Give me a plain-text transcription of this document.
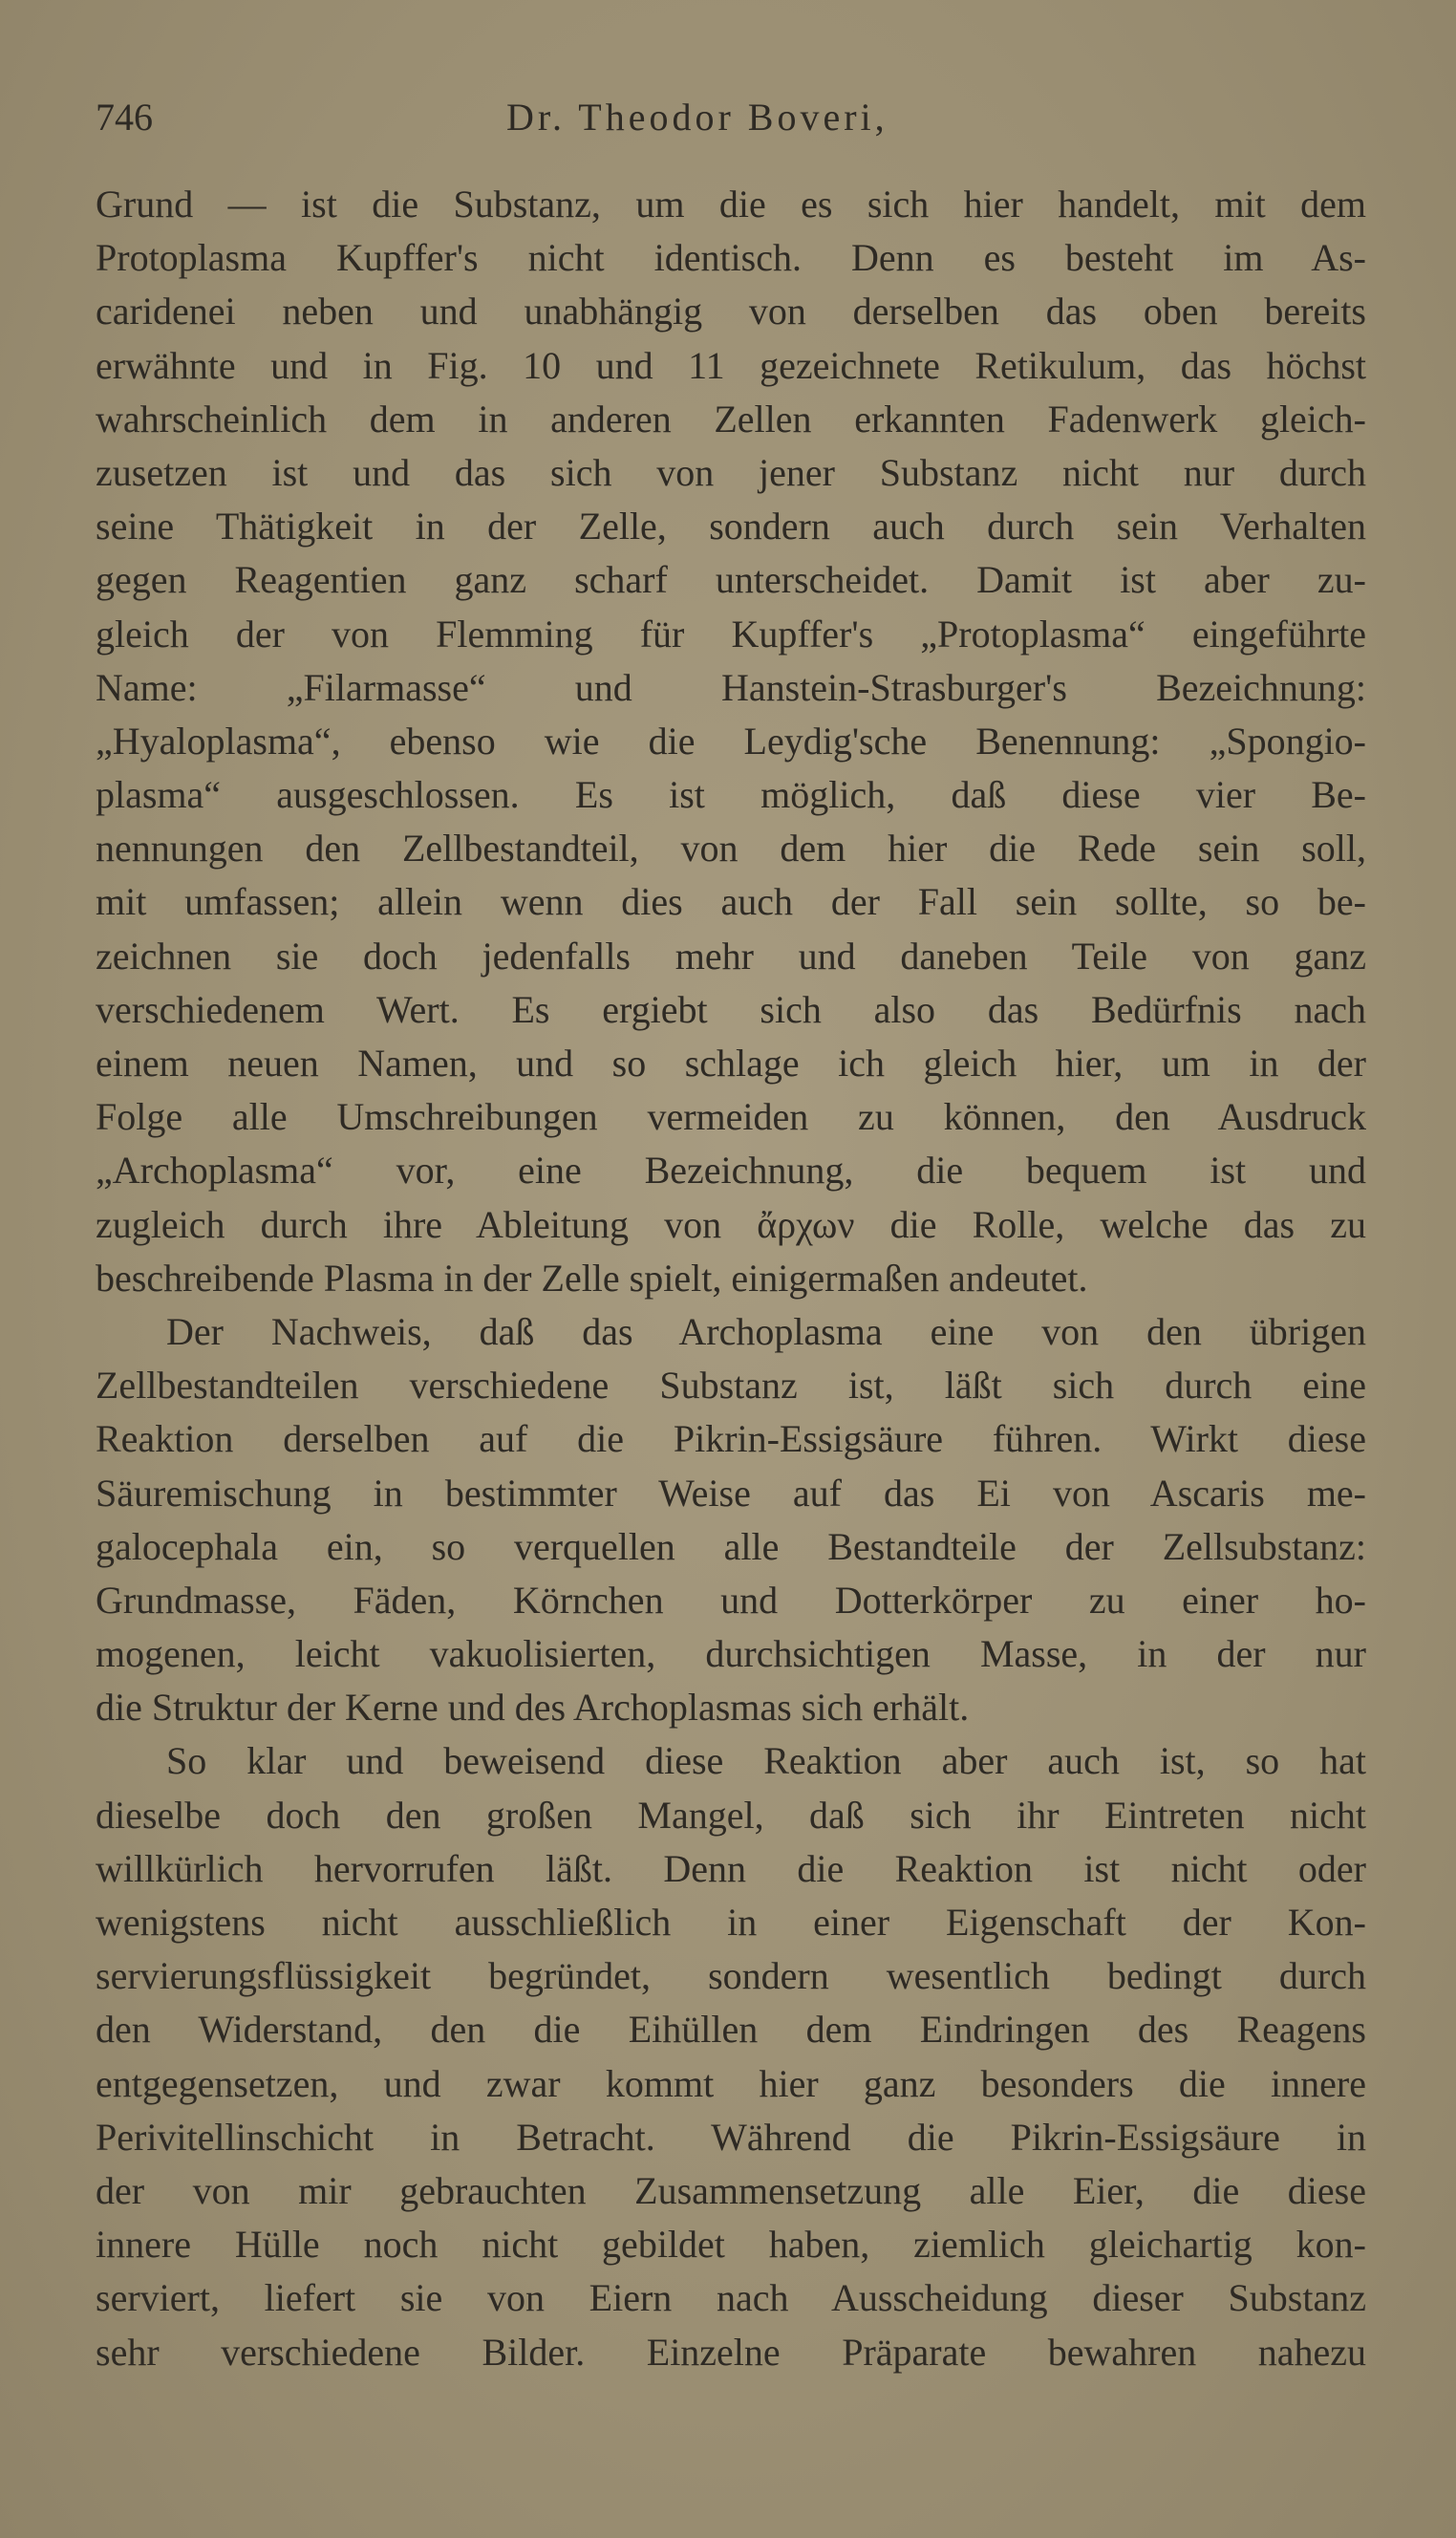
746	Dr. Theodor Boveri,
Grund — ist die Substanz, um die es sich hier handelt, mit dem
Protoplasma Kupffer's nicht identisch. Denn es besteht im As-
caridenei neben und unabhängig von derselben das oben bereits
erwähnte und in Fig. 10 und 11 gezeichnete Retikulum, das höchst
wahrscheinlich dem in anderen Zellen erkannten Fadenwerk gleich-
zusetzen ist und das sich von jener Substanz nicht nur durch
seine Thätigkeit in der Zelle, sondern auch durch sein Verhalten
gegen Reagentien ganz scharf unterscheidet. Damit ist aber zu-
gleich der von Flemming für Kupffer's „Protoplasma“ eingeführte
Name: „Filarmasse“ und Hanstein-Strasburger's Bezeichnung:
„Hyaloplasma“, ebenso wie die Leydig'sche Benennung: „Spongio-
plasma“ ausgeschlossen. Es ist möglich, daß diese vier Be-
nennungen den Zellbestandteil, von dem hier die Rede sein soll,
mit umfassen; allein wenn dies auch der Fall sein sollte, so be-
zeichnen sie doch jedenfalls mehr und daneben Teile von ganz
verschiedenem Wert. Es ergiebt sich also das Bedürfnis nach
einem neuen Namen, und so schlage ich gleich hier, um in der
Folge alle Umschreibungen vermeiden zu können, den Ausdruck
„Archoplasma“ vor, eine Bezeichnung, die bequem ist und
zugleich durch ihre Ableitung von ἄρχων die Rolle, welche das zu
beschreibende Plasma in der Zelle spielt, einigermaßen andeutet.
Der Nachweis, daß das Archoplasma eine von den übrigen
Zellbestandteilen verschiedene Substanz ist, läßt sich durch eine
Reaktion derselben auf die Pikrin-Essigsäure führen. Wirkt diese
Säuremischung in bestimmter Weise auf das Ei von Ascaris me-
galocephala ein, so verquellen alle Bestandteile der Zellsubstanz:
Grundmasse, Fäden, Körnchen und Dotterkörper zu einer ho-
mogenen, leicht vakuolisierten, durchsichtigen Masse, in der nur
die Struktur der Kerne und des Archoplasmas sich erhält.
So klar und beweisend diese Reaktion aber auch ist, so hat
dieselbe doch den großen Mangel, daß sich ihr Eintreten nicht
willkürlich hervorrufen läßt. Denn die Reaktion ist nicht oder
wenigstens nicht ausschließlich in einer Eigenschaft der Kon-
servierungsflüssigkeit begründet, sondern wesentlich bedingt durch
den Widerstand, den die Eihüllen dem Eindringen des Reagens
entgegensetzen, und zwar kommt hier ganz besonders die innere
Perivitellinschicht in Betracht. Während die Pikrin-Essigsäure in
der von mir gebrauchten Zusammensetzung alle Eier, die diese
innere Hülle noch nicht gebildet haben, ziemlich gleichartig kon-
serviert, liefert sie von Eiern nach Ausscheidung dieser Substanz
sehr verschiedene Bilder. Einzelne Präparate bewahren nahezu
